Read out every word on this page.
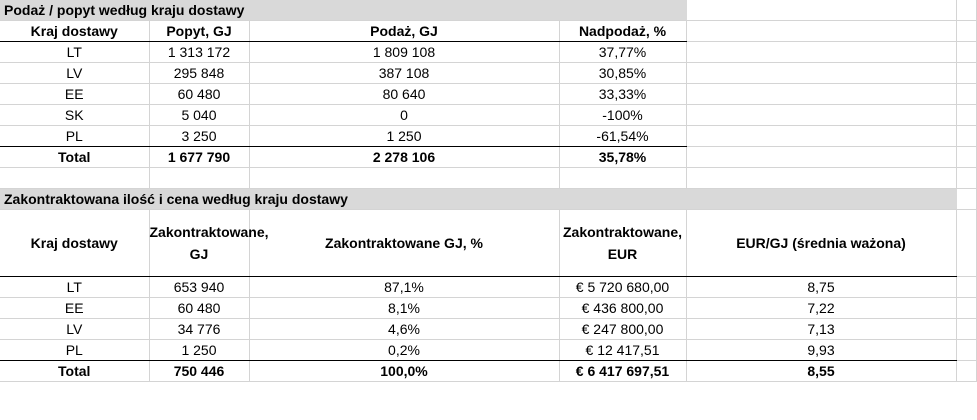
Podaż / popyt według kraju dostawy					
Kraj dostawy	Popyt, GJ	Podaż, GJ	Nadpodaż, %		
LT	1 313 172	1 809 108	37,77%		
LV	295 848	387 108	30,85%		
EE	60 480	80 640	33,33%		
SK	5 040	0	-100%		
PL	3 250	1 250	-61,54%		
Total	1 677 790	2 278 106	35,78%		

Zakontraktowana ilość i cena według kraju dostawy					
Kraj dostawy	Zakontraktowane, GJ	Zakontraktowane GJ, %	Zakontraktowane, EUR	EUR/GJ (średnia ważona)	
LT	653 940	87,1%	€ 5 720 680,00	8,75	
EE	60 480	8,1%	€ 436 800,00	7,22	
LV	34 776	4,6%	€ 247 800,00	7,13	
PL	1 250	0,2%	€ 12 417,51	9,93	
Total	750 446	100,0%	€ 6 417 697,51	8,55	
